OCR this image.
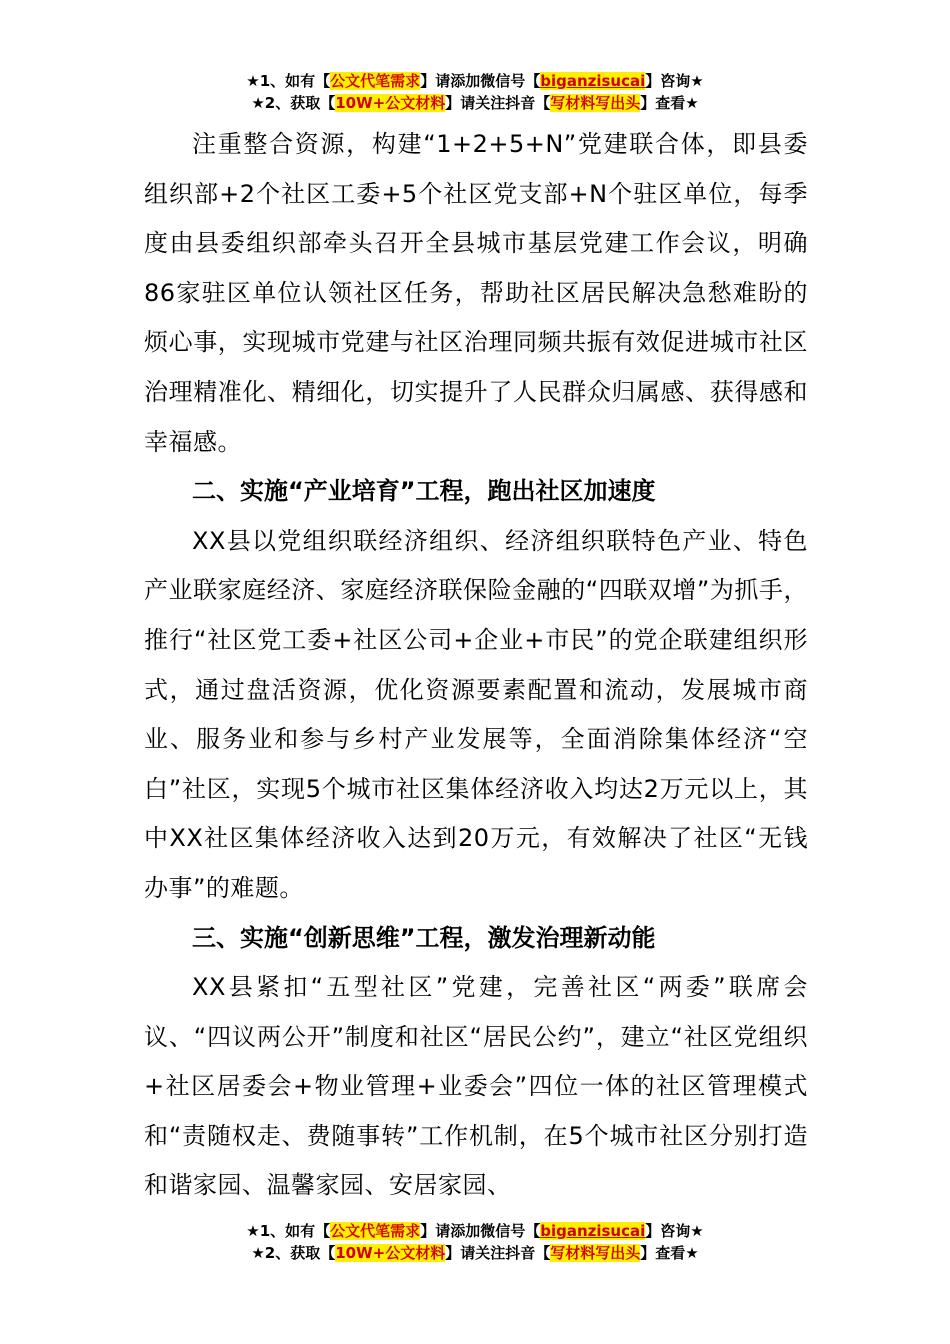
★1、如有【公文代笔需求】请添加微信号【biganzisucai】咨询★
★2、获取【10W+公文材料】请关注抖音【写材料写出头】查看★

注重整合资源，构建“1+2+5+N”党建联合体，即县委组织部+2个社区工委+5个社区党支部+N个驻区单位，每季度由县委组织部牵头召开全县城市基层党建工作会议，明确86家驻区单位认领社区任务，帮助社区居民解决急愁难盼的烦心事，实现城市党建与社区治理同频共振有效促进城市社区治理精准化、精细化，切实提升了人民群众归属感、获得感和幸福感。

二、实施“产业培育”工程，跑出社区加速度

XX县以党组织联经济组织、经济组织联特色产业、特色产业联家庭经济、家庭经济联保险金融的“四联双增”为抓手，推行“社区党工委+社区公司+企业+市民”的党企联建组织形式，通过盘活资源，优化资源要素配置和流动，发展城市商业、服务业和参与乡村产业发展等，全面消除集体经济“空白”社区，实现5个城市社区集体经济收入均达2万元以上，其中XX社区集体经济收入达到20万元，有效解决了社区“无钱办事”的难题。

三、实施“创新思维”工程，激发治理新动能

XX县紧扣“五型社区”党建，完善社区“两委”联席会议、“四议两公开”制度和社区“居民公约”，建立“社区党组织+社区居委会+物业管理+业委会”四位一体的社区管理模式和“责随权走、费随事转”工作机制，在5个城市社区分别打造和谐家园、温馨家园、安居家园、

★1、如有【公文代笔需求】请添加微信号【biganzisucai】咨询★
★2、获取【10W+公文材料】请关注抖音【写材料写出头】查看★
